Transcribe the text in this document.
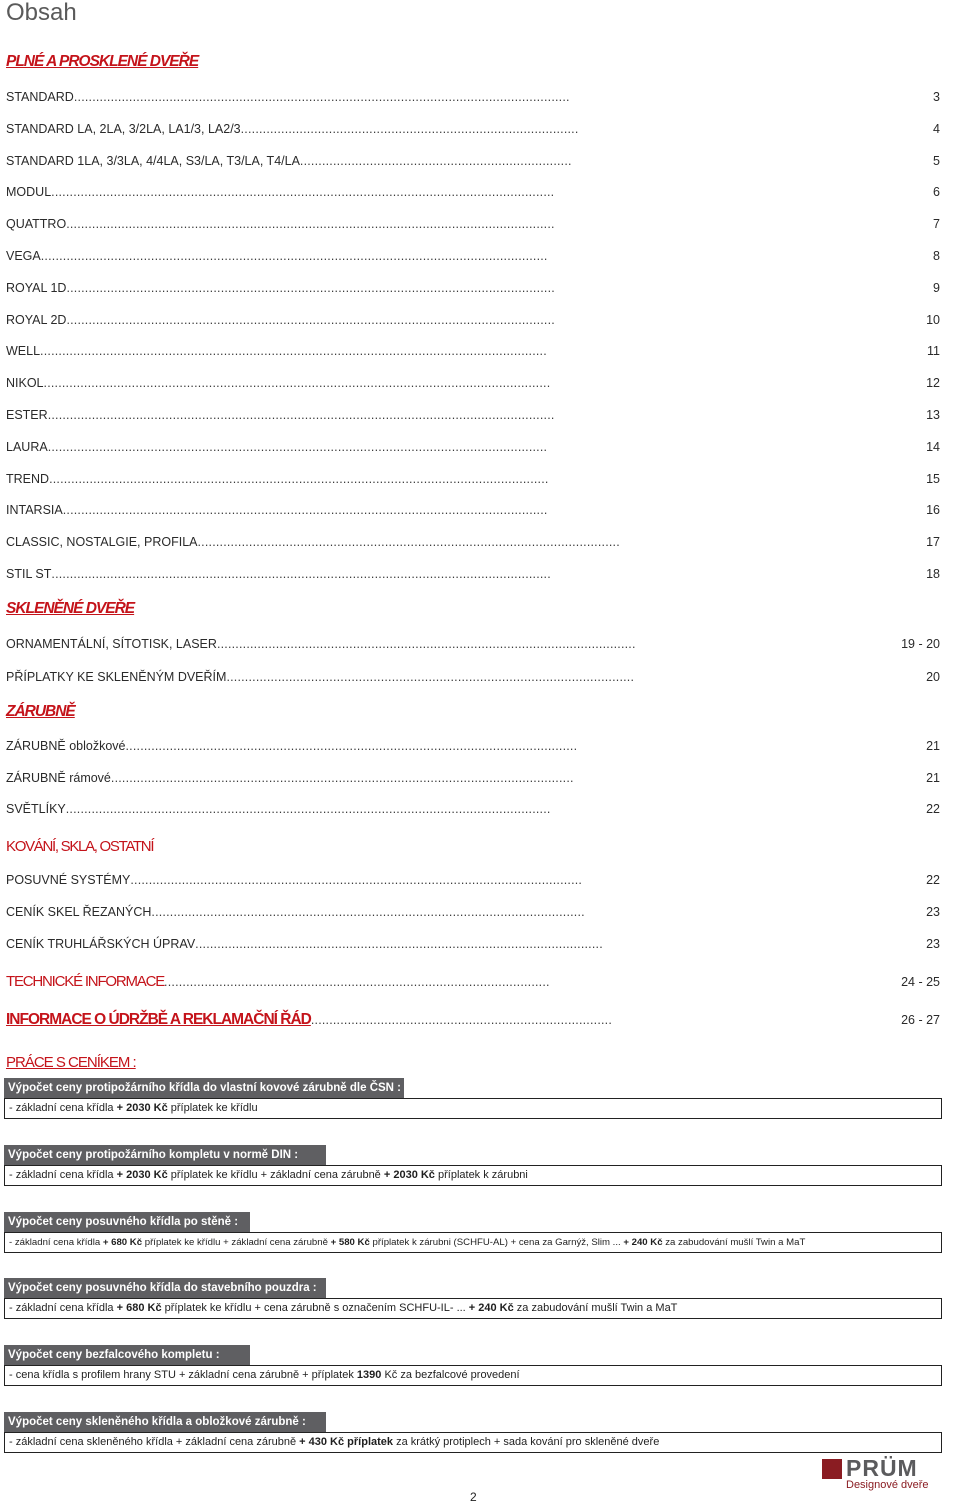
Obsah
PLNÉ A PROSKLENÉ DVEŘE
STANDARD .......................................................................................................................................	3
STANDARD LA, 2LA, 3/2LA, LA1/3, LA2/3 ............................................................................................	4
STANDARD 1LA, 3/3LA, 4/4LA, S3/LA, T3/LA, T4/LA ..........................................................................	5
MODUL .........................................................................................................................................	6
QUATTRO .....................................................................................................................................	7
VEGA ..........................................................................................................................................	8
ROYAL 1D .....................................................................................................................................	9
ROYAL 2D .....................................................................................................................................	10
WELL ..........................................................................................................................................	11
NIKOL ..........................................................................................................................................	12
ESTER ..........................................................................................................................................	13
LAURA ........................................................................................................................................	14
TREND ........................................................................................................................................	15
INTARSIA ....................................................................................................................................	16
CLASSIC, NOSTALGIE, PROFILA ...................................................................................................................	17
STIL ST ........................................................................................................................................	18
SKLENĚNÉ DVEŘE
ORNAMENTÁLNÍ, SÍTOTISK, LASER ..................................................................................................................	19 - 20
PŘÍPLATKY KE SKLENĚNÝM DVEŘÍM ...............................................................................................................	20
ZÁRUBNĚ
ZÁRUBNĚ obložkové ...........................................................................................................................	21
ZÁRUBNĚ rámové ..............................................................................................................................	21
SVĚTLÍKY ....................................................................................................................................	22
KOVÁNÍ, SKLA, OSTATNÍ
POSUVNÉ SYSTÉMY ...........................................................................................................................	22
CENÍK SKEL ŘEZANÝCH ......................................................................................................................	23
CENÍK TRUHLÁŘSKÝCH ÚPRAV ...............................................................................................................	23
TECHNICKÉ INFORMACE .........................................................................................................	24 - 25
INFORMACE O ÚDRŽBĚ A REKLAMAČNÍ ŘÁD ..................................................................................	26 - 27
PRÁCE S CENÍKEM :
Výpočet ceny protipožárního křídla do vlastní kovové zárubně dle ČSN :
- základní cena křídla + 2030 Kč příplatek ke křídlu
Výpočet ceny protipožárního kompletu v normě DIN :
- základní cena křídla + 2030 Kč příplatek ke křídlu + základní cena zárubně + 2030 Kč příplatek k zárubni
Výpočet ceny posuvného křídla po stěně :
- základní cena křídla + 680 Kč příplatek ke křídlu + základní cena zárubně + 580 Kč příplatek k zárubni (SCHFU-AL) + cena za Garnýž, Slim ... + 240 Kč za zabudování mušlí Twin a MaT
Výpočet ceny posuvného křídla do stavebního pouzdra :
- základní cena křídla + 680 Kč příplatek ke křídlu + cena zárubně s označením SCHFU-IL- ... + 240 Kč za zabudování mušlí Twin a MaT
Výpočet ceny bezfalcového kompletu :
- cena křídla s profilem hrany STU + základní cena zárubně + příplatek 1390 Kč za bezfalcové provedení
Výpočet ceny skleněného křídla a obložkové zárubně :
- základní cena skleněného křídla + základní cena zárubně + 430 Kč příplatek za krátký protiplech + sada kování pro skleněné dveře
PRÜM
Designové dveře
2
